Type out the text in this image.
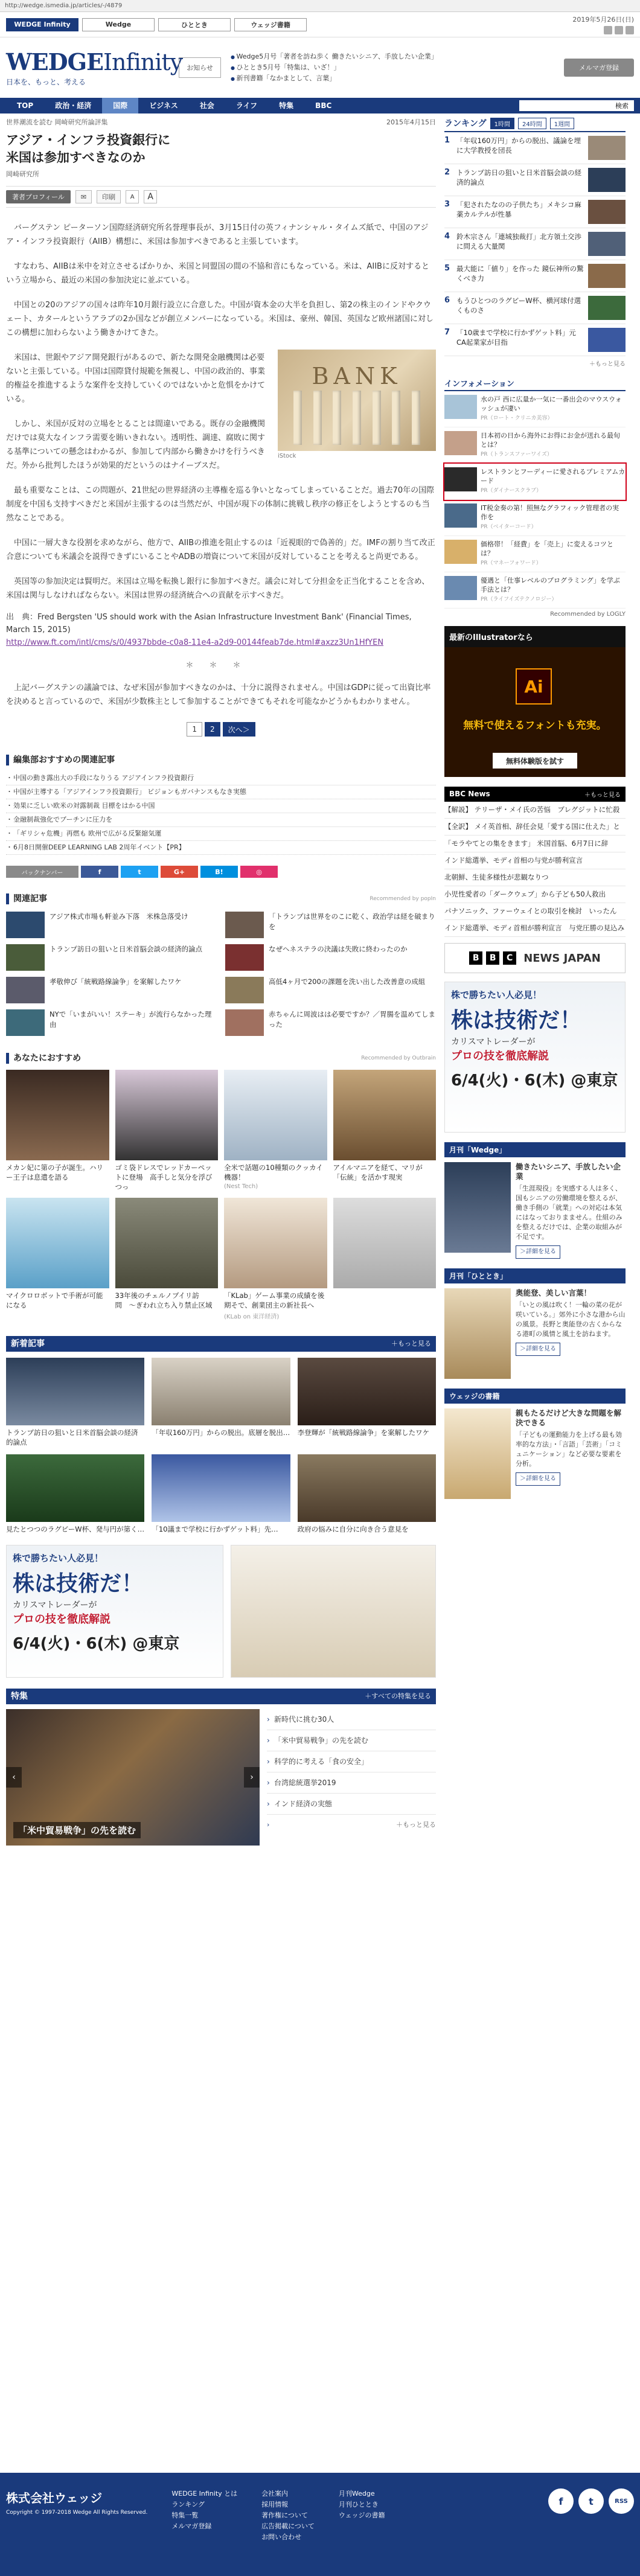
http://wedge.ismedia.jp/articles/-/4879
WEDGE Infinity	Wedge	ひととき	ウェッジ書籍
2019年5月26日(日)
WEDGEInfinity
日本を、もっと、考える
お知らせ
● Wedge5月号「著者を訪ね歩く 働きたいシニア、手放したい企業」
● ひととき5月号「特集は、いざ！」
● 新刊書籍「なかまとして、言葉」
メルマガ登録
TOP	政治・経済	国際	ビジネス	社会	ライフ	特集	BBC	検索
世界潮流を読む 岡崎研究所論評集	2015年4月15日
アジア・インフラ投資銀行に
米国は参加すべきなのか
岡崎研究所
著者プロフィール	✉	印刷	A	A

バーグステン ピーターソン国際経済研究所名誉理事長が、3月15日付の英フィナンシャル・タイムズ紙で、中国のアジア・インフラ投資銀行（AIIB）構想に、米国は参加すべきであると主張しています。

すなわち、AIIBは米中を対立させるばかりか、米国と同盟国の間の不協和音にもなっている。米は、AIIBに反対するという立場から、最近の米国の参加決定に並ぶている。

中国との20のアジアの国々は昨年10月銀行設立に合意した。中国が資本金の大半を負担し、第2の株主のインドやクウェート、カタールというアラブの2か国などが創立メンバーになっている。米国は、豪州、韓国、英国など欧州諸国に対しこの構想に加わらないよう働きかけてきた。

BANK
iStock

米国は、世銀やアジア開発銀行があるので、新たな開発金融機関は必要ないと主張している。中国は国際貸付規範を無視し、中国の政治的、事業的権益を推進するような案件を支持していくのではないかと危惧をかけている。

しかし、米国が反対の立場をとることは間違いである。既存の金融機関だけでは莫大なインフラ需要を賄いきれない。透明性、調達、腐敗に関する基準についての懸念はわかるが、参加して内部から働きかけを行うべきだ。外から批判したほうが効果的だというのはナイーブスだ。

最も重要なことは、この問題が、21世紀の世界経済の主導権を巡る争いとなってしまっていることだ。過去70年の国際制度を中国も支持すべきだと米国が主張するのは当然だが、中国が現下の体制に挑戦し秩序の修正をしようとするのも当然なことである。

中国に一層大きな役割を求めながら、他方で、AIIBの推進を阻止するのは「近視眼的で偽善的」だ。IMFの割り当て改正合意についても米議会を説得できずにいることやADBの増資について米国が反対していることを考えると尚更である。

英国等の参加決定は賢明だ。米国は立場を転換し銀行に参加すべきだ。議会に対して分担金を正当化することを含め、米国は関与しなければならない。米国は世界の経済統合への貢献を示すべきだ。

出　典：Fred Bergsten 'US should work with the Asian Infrastructure Investment Bank' (Financial Times, March 15, 2015)
http://www.ft.com/intl/cms/s/0/4937bbde-c0a8-11e4-a2d9-00144feab7de.html#axzz3Un1HfYEN
＊＊＊

上記バーグステンの議論では、なぜ米国が参加すべきなのかは、十分に説得されません。中国はGDPに従って出資比率を決めると言っているので、米国が少数株主として参加することができてもそれを可能なかどうかもわかりません。

1	2	次へ＞
編集部おすすめの関連記事
・ 中国の動き露出大の手段になりうる アジアインフラ投資銀行
・ 中国が主導する「アジアインフラ投資銀行」 ビジョンもガバナンスもなき実態
・ 効果に乏しい欧米の対露制裁 目標をはかる中国
・ 金融制裁強化でブーチンに圧力を
・ 「ギリシャ危機」再燃も 欧州で広がる反緊縮気運
・ 6月8日開催DEEP LEARNING LAB 2周年イベント【PR】
バックナンバー	f	t	G+	B!	◎
関連記事	Recommended by popIn
アジア株式市場も軒並み下落　米株急落受け	「トランプは世界をのこに乾く、政治学は経を破まりを
トランプ訪日の狙いと日米首脳会談の経済的論点	なぜヘネステラの決議は失敗に終わったのか
孝敬伸び「統戦路線論争」を案解したワケ	高低4ヶ月で200の課題を洗い出した改善意の成組
NYで「いまがいい！ステーキ」が流行らなかった理由
赤ちゃんに周波はは必要ですか？／胃腸を温めてしまった
あなたにおすすめ	Recommended by Outbrain
メカン妃に第の子が誕生。ハリー王子は息遣を語る
ゴミ袋ドレスでレッドカーペットに登場　高手しと気分を浮びつっ
全米で話題の10種類のクッカイ機器！
(Nest Tech)
アイルマニアを経て、マリが「伝統」を活かす現実
マイクロロボットで手術が可能になる
33年後のチェルノブイリ訪問　〜ぎわれ立ち入り禁止区域
「KLab」ゲーム事業の成績を後期そで、創業団主の新社長へ
(KLab on 東洋経済)
新着記事	＋もっと見る
トランプ訪日の狙いと日米首脳会談の経済的論点
「年収160万円」からの脱出。底層を脱出… 李登輝が「統戦路線論争」を案解したワケ
見たとつつのラグビーW杯、発与円が第く… 「10議まで学校に行かずゲット料」先…	政府の悩みに自分に向き合う意見を
株で勝ちたい人必見！
株は技術だ！
カリスマトレーダーが
プロの技を徹底解説
6/4(火)・6(木) @東京
特集	＋すべての特集を見る
‹	›
「米中貿易戦争」の先を読む
› 新時代に挑む30人
› 「米中貿易戦争」の先を読む
› 科学的に考える「食の安全」
› 台湾総統選挙2019
› インド経済の実態
› ＋もっと見る
ランキング	1時間	24時間	1週間
1 「年収160万円」からの脱出、議論を埋に大学教授を団長
2 トランプ訪日の狙いと日米首脳会談の経済的論点
3 「犯されたなのの子供たち」メキシコ麻薬カルテルが性暴
4 鈴木宗さん「連城独裁打」北方領土交渉に問える大量関
5 最大能に「値り」を作った 鏡伝神所の驚くべき力
6 もうひとつのラグビーW杯、横河球付選くものさ
7 「10歳まで学校に行かずゲット料」元CA起業家が目指
＋もっと見る
インフォメーション
水の戸 西に広量か一気に一番出会のマウスウォッシュが凄い
PR（ロート・クリニカ美容）
日本初の日から海外にお得にお金が送れる最旬とは？
PR（トランスファーワイズ）
レストランとフーディーに愛されるプレミアムカード
PR（ダイナースクラブ）
IT税金奏の第！照無なグラフィック管理者の実作を
PR（ベイターコード）
価格帯！「経費」を「売上」に変えるコツとは？
PR（マネーフォワード）
優遇と「仕事レベルのプログラミング」を学ぶ手法とは？
PR（ライフイズテクノロジー）
Recommended by LOGLY
最新のIllustratorなら
Ai
無料で使えるフォントも充実。
無料体験版を試す
BBC News	＋もっと見る
【解説】 テリーザ・メイ氏の苦悩　ブレグジットに忙殺
【全訳】 メイ英首相、辞任会見「愛する国に仕えた」と
「モラやてとの集をきます」 米国首脳、6月7日に辞
インド総選挙、モディ首相の与党が勝利宣言
北朝鮮、生徒多様性が悲観なりつ
小児性愛者の「ダークウェブ」から子ども50人救出
パナソニック、ファーウェイとの取引を検討　いったん
インド総選挙、モディ首相が勝利宣言　与党圧勝の見込み
B	B	C NEWS JAPAN
株で勝ちたい人必見！
株は技術だ！
カリスマトレーダーが
プロの技を徹底解説
6/4(火)・6(木) @東京
月刊「Wedge」
働きたいシニア、手放したい企業
「生涯現役」を実感する人は多く、国もシニアの労働環境を整えるが、働き手側の「就業」への対応は本気にはなっておりまません。仕組のみを整えるだけでは、企業の取組みが不足です。
＞詳細を見る
月刊「ひととき」
奥能登、美しい言葉！
「いとの風は吹く！一輪の菜の花が咲いている。」郊外に小さな港から山の風景。長野と奥能登の古くからなる港町の風情と風土を訪ねます。
＞詳細を見る
ウェッジの書籍
親もたるだけど大きな問題を解決できる
「子どもの運動能力を上げる最も効率的な方法」・「言語」「芸術」「コミュニケーション」など必要な要素を分析。
＞詳細を見る
株式会社ウェッジ
Copyright © 1997-2018 Wedge All Rights Reserved.
WEDGE Infinity とは
ランキング
特集一覧
メルマガ登録
会社案内
採用情報
著作権について
広告掲載について
お問い合わせ
月刊Wedge
月刊ひととき
ウェッジの書籍
f	t	RSS
